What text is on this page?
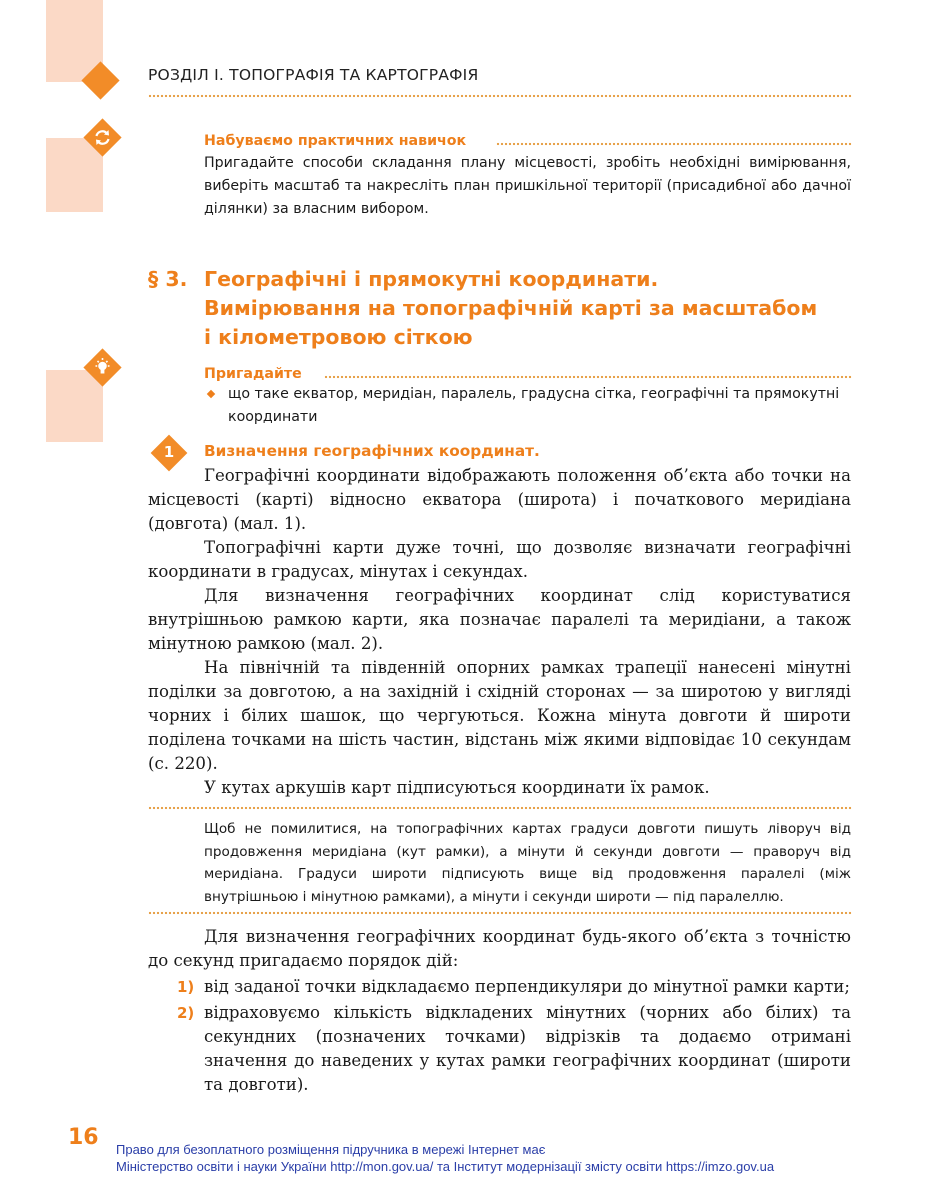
РОЗДІЛ І. ТОПОГРАФІЯ ТА КАРТОГРАФІЯ
Набуваємо практичних навичок

Пригадайте способи складання плану місцевості, зробіть необхідні вимірювання, виберіть масштаб та накресліть план пришкільної території (присадибної або дачної ділянки) за власним вибором.

§ 3. Географічні і прямокутні координати.
Вимірювання на топографічній карті за масштабом
і кілометровою сіткою
Пригадайте

що таке екватор, меридіан, паралель, градусна сітка, географічні та прямокутні координати

1	Визначення географічних координат.

Географічні координати відображають положення об’єкта або точки на місцевості (карті) відносно екватора (широта) і початкового меридіана (довгота) (мал. 1).

Топографічні карти дуже точні, що дозволяє визначати географічні координати в градусах, мінутах і секундах.

Для визначення географічних координат слід користуватися внутрішньою рамкою карти, яка позначає паралелі та меридіани, а також мінутною рамкою (мал. 2).

На північній та південній опорних рамках трапеції нанесені мінутні поділки за довготою, а на західній і східній сторонах — за широтою у вигляді чорних і білих шашок, що чергуються. Кожна мінута довготи й широти поділена точками на шість частин, відстань між якими відповідає 10 секундам (с. 220).

У кутах аркушів карт підписуються координати їх рамок.

Щоб не помилитися, на топографічних картах градуси довготи пишуть ліворуч від продовження меридіана (кут рамки), а мінути й секунди довготи — праворуч від меридіана. Градуси широти підписують вище від продовження паралелі (між внутрішньою і мінутною рамками), а мінути і секунди широти — під паралеллю.

Для визначення географічних координат будь-якого об’єкта з точністю до секунд пригадаємо порядок дій:

1) від заданої точки відкладаємо перпендикуляри до мінутної рамки карти;

2) відраховуємо кількість відкладених мінутних (чорних або білих) та секундних (позначених точками) відрізків та додаємо отримані значення до наведених у кутах рамки географічних координат (широти та довготи).

16 Право для безоплатного розміщення підручника в мережі Інтернет має
Міністерство освіти і науки України http://mon.gov.ua/ та Інститут модернізації змісту освіти https://imzo.gov.ua
